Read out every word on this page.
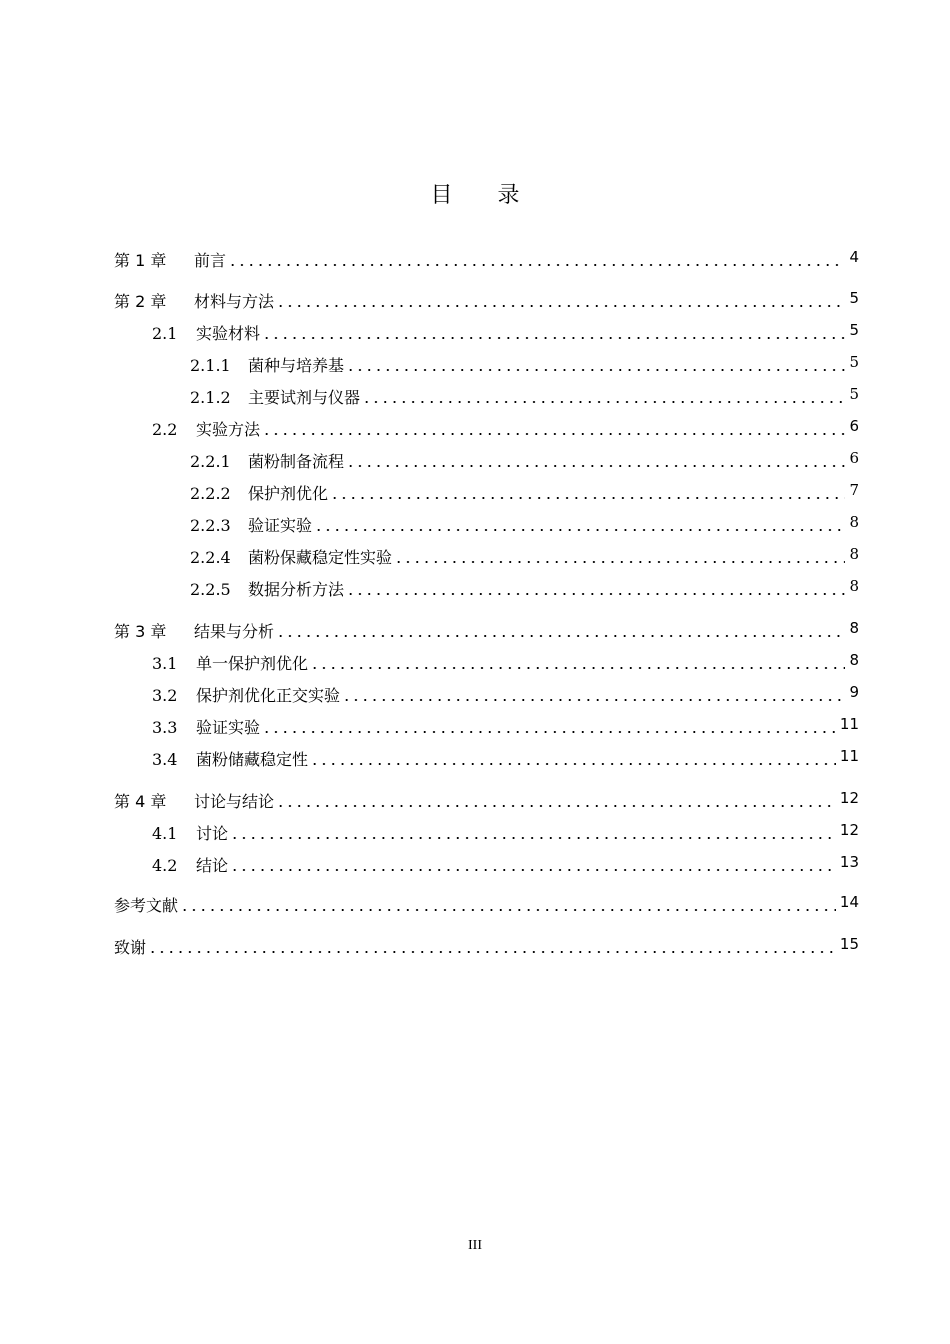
目 录
第 1 章	前言	4
第 2 章	材料与方法	5
2.1	实验材料	5
2.1.1	菌种与培养基	5
2.1.2	主要试剂与仪器	5
2.2	实验方法	6
2.2.1	菌粉制备流程	6
2.2.2	保护剂优化	7
2.2.3	验证实验	8
2.2.4	菌粉保藏稳定性实验	8
2.2.5	数据分析方法	8
第 3 章	结果与分析	8
3.1	单一保护剂优化	8
3.2	保护剂优化正交实验	9
3.3	验证实验	11
3.4	菌粉储藏稳定性	11
第 4 章	讨论与结论	12
4.1	讨论	12
4.2	结论	13
参考文献	14
致谢	15
III
